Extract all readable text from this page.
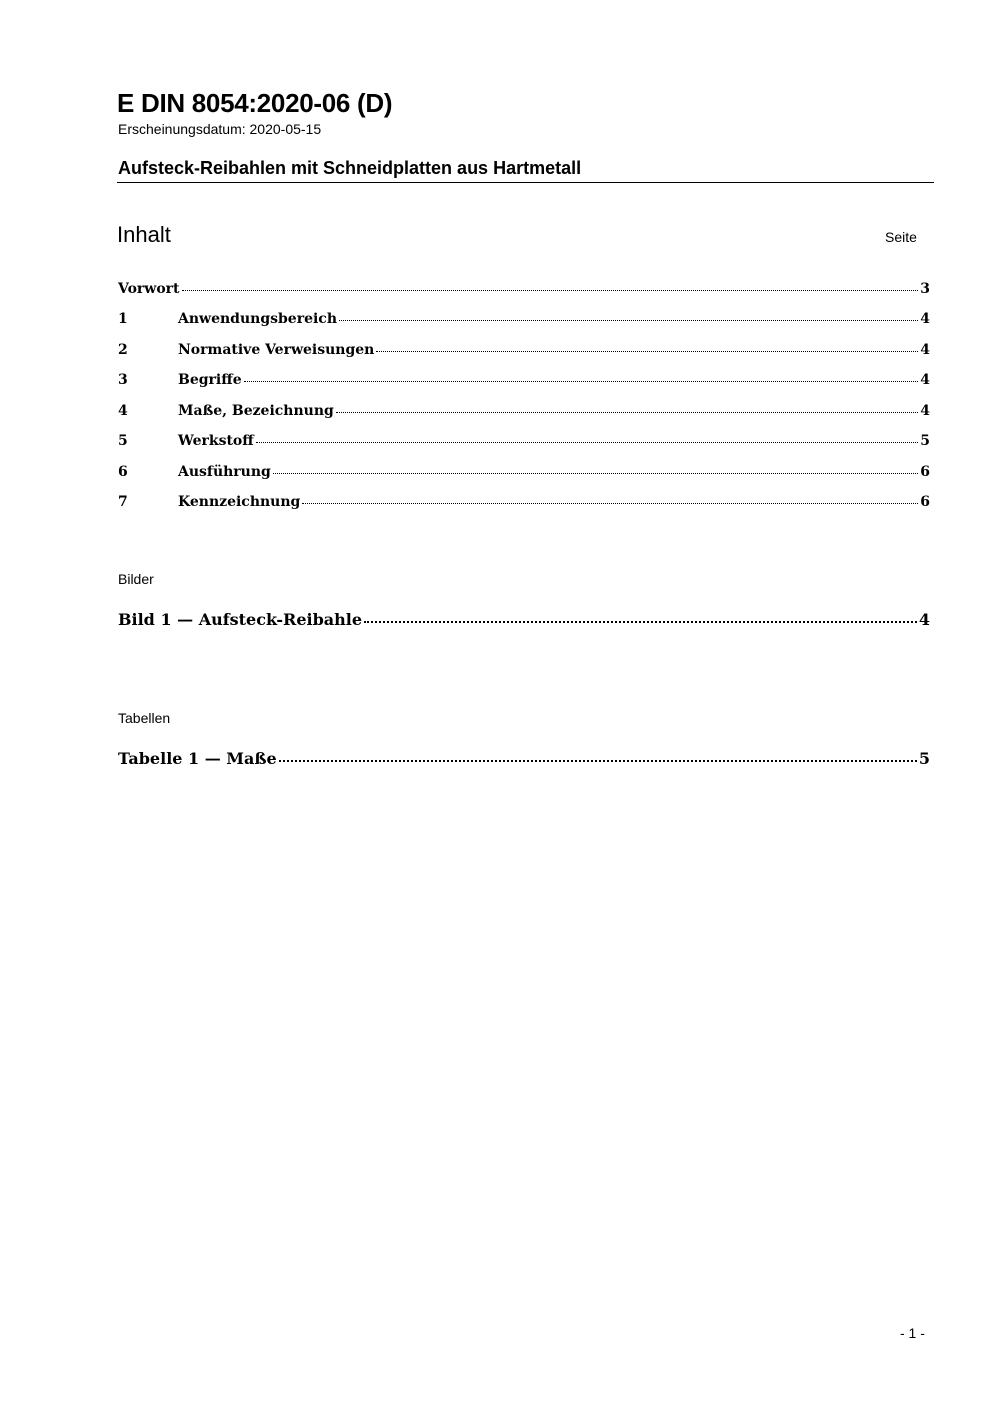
E DIN 8054:2020-06 (D)
Erscheinungsdatum: 2020-05-15
Aufsteck-Reibahlen mit Schneidplatten aus Hartmetall
Inhalt	Seite
Vorwort	3
1	Anwendungsbereich	4
2	Normative Verweisungen	4
3	Begriffe	4
4	Maße, Bezeichnung	4
5	Werkstoff	5
6	Ausführung	6
7	Kennzeichnung	6
Bilder
Bild 1 — Aufsteck-Reibahle	4
Tabellen
Tabelle 1 — Maße	5
- 1 -
